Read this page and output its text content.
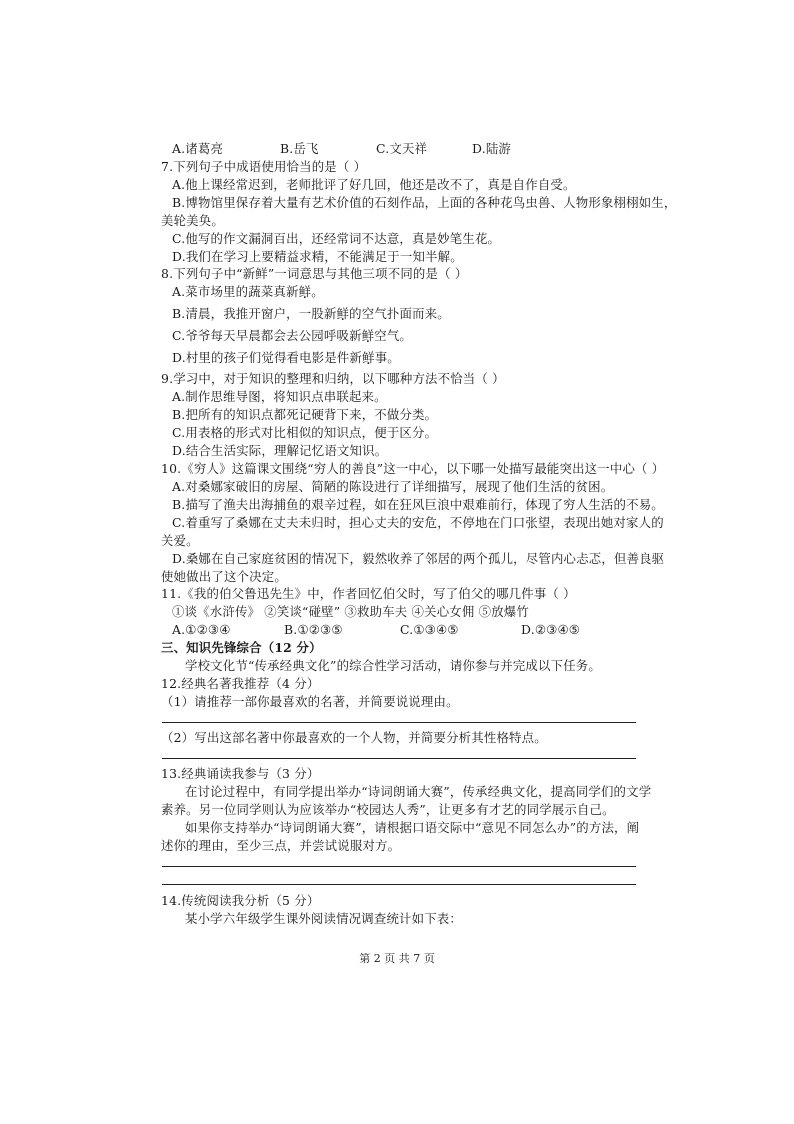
A.诸葛亮	B.岳飞	C.文天祥	D.陆游
7.下列句子中成语使用恰当的是（ ）
A.他上课经常迟到，老师批评了好几回，他还是改不了，真是自作自受。
B.博物馆里保存着大量有艺术价值的石刻作品，上面的各种花鸟虫兽、人物形象栩栩如生，
美轮美奂。
C.他写的作文漏洞百出，还经常词不达意，真是妙笔生花。
D.我们在学习上要精益求精，不能满足于一知半解。
8.下列句子中“新鲜”一词意思与其他三项不同的是（ ）
A.菜市场里的蔬菜真新鲜。
B.清晨，我推开窗户，一股新鲜的空气扑面而来。
C.爷爷每天早晨都会去公园呼吸新鲜空气。
D.村里的孩子们觉得看电影是件新鲜事。
9.学习中，对于知识的整理和归纳，以下哪种方法不恰当（ ）
A.制作思维导图，将知识点串联起来。
B.把所有的知识点都死记硬背下来，不做分类。
C.用表格的形式对比相似的知识点，便于区分。
D.结合生活实际，理解记忆语文知识。
10.《穷人》这篇课文围绕“穷人的善良”这一中心，以下哪一处描写最能突出这一中心（ ）
A.对桑娜家破旧的房屋、简陋的陈设进行了详细描写，展现了他们生活的贫困。
B.描写了渔夫出海捕鱼的艰辛过程，如在狂风巨浪中艰难前行，体现了穷人生活的不易。
C.着重写了桑娜在丈夫未归时，担心丈夫的安危，不停地在门口张望，表现出她对家人的
关爱。
D.桑娜在自己家庭贫困的情况下，毅然收养了邻居的两个孤儿，尽管内心忐忑，但善良驱
使她做出了这个决定。
11.《我的伯父鲁迅先生》中，作者回忆伯父时，写了伯父的哪几件事（ ）
①谈《水浒传》 ②笑谈“碰壁” ③救助车夫 ④关心女佣 ⑤放爆竹
A.①②③④	B.①②③⑤	C.①③④⑤	D.②③④⑤
三、知识先锋综合（12 分）
学校文化节“传承经典文化”的综合性学习活动，请你参与并完成以下任务。
12.经典名著我推荐（4 分）
（1）请推荐一部你最喜欢的名著，并简要说说理由。
（2）写出这部名著中你最喜欢的一个人物，并简要分析其性格特点。
13.经典诵读我参与（3 分）
在讨论过程中，有同学提出举办“诗词朗诵大赛”，传承经典文化，提高同学们的文学
素养。另一位同学则认为应该举办“校园达人秀”，让更多有才艺的同学展示自己。
如果你支持举办“诗词朗诵大赛”，请根据口语交际中“意见不同怎么办”的方法，阐
述你的理由，至少三点，并尝试说服对方。
14.传统阅读我分析（5 分）
某小学六年级学生课外阅读情况调查统计如下表：
第 2 页 共 7 页
